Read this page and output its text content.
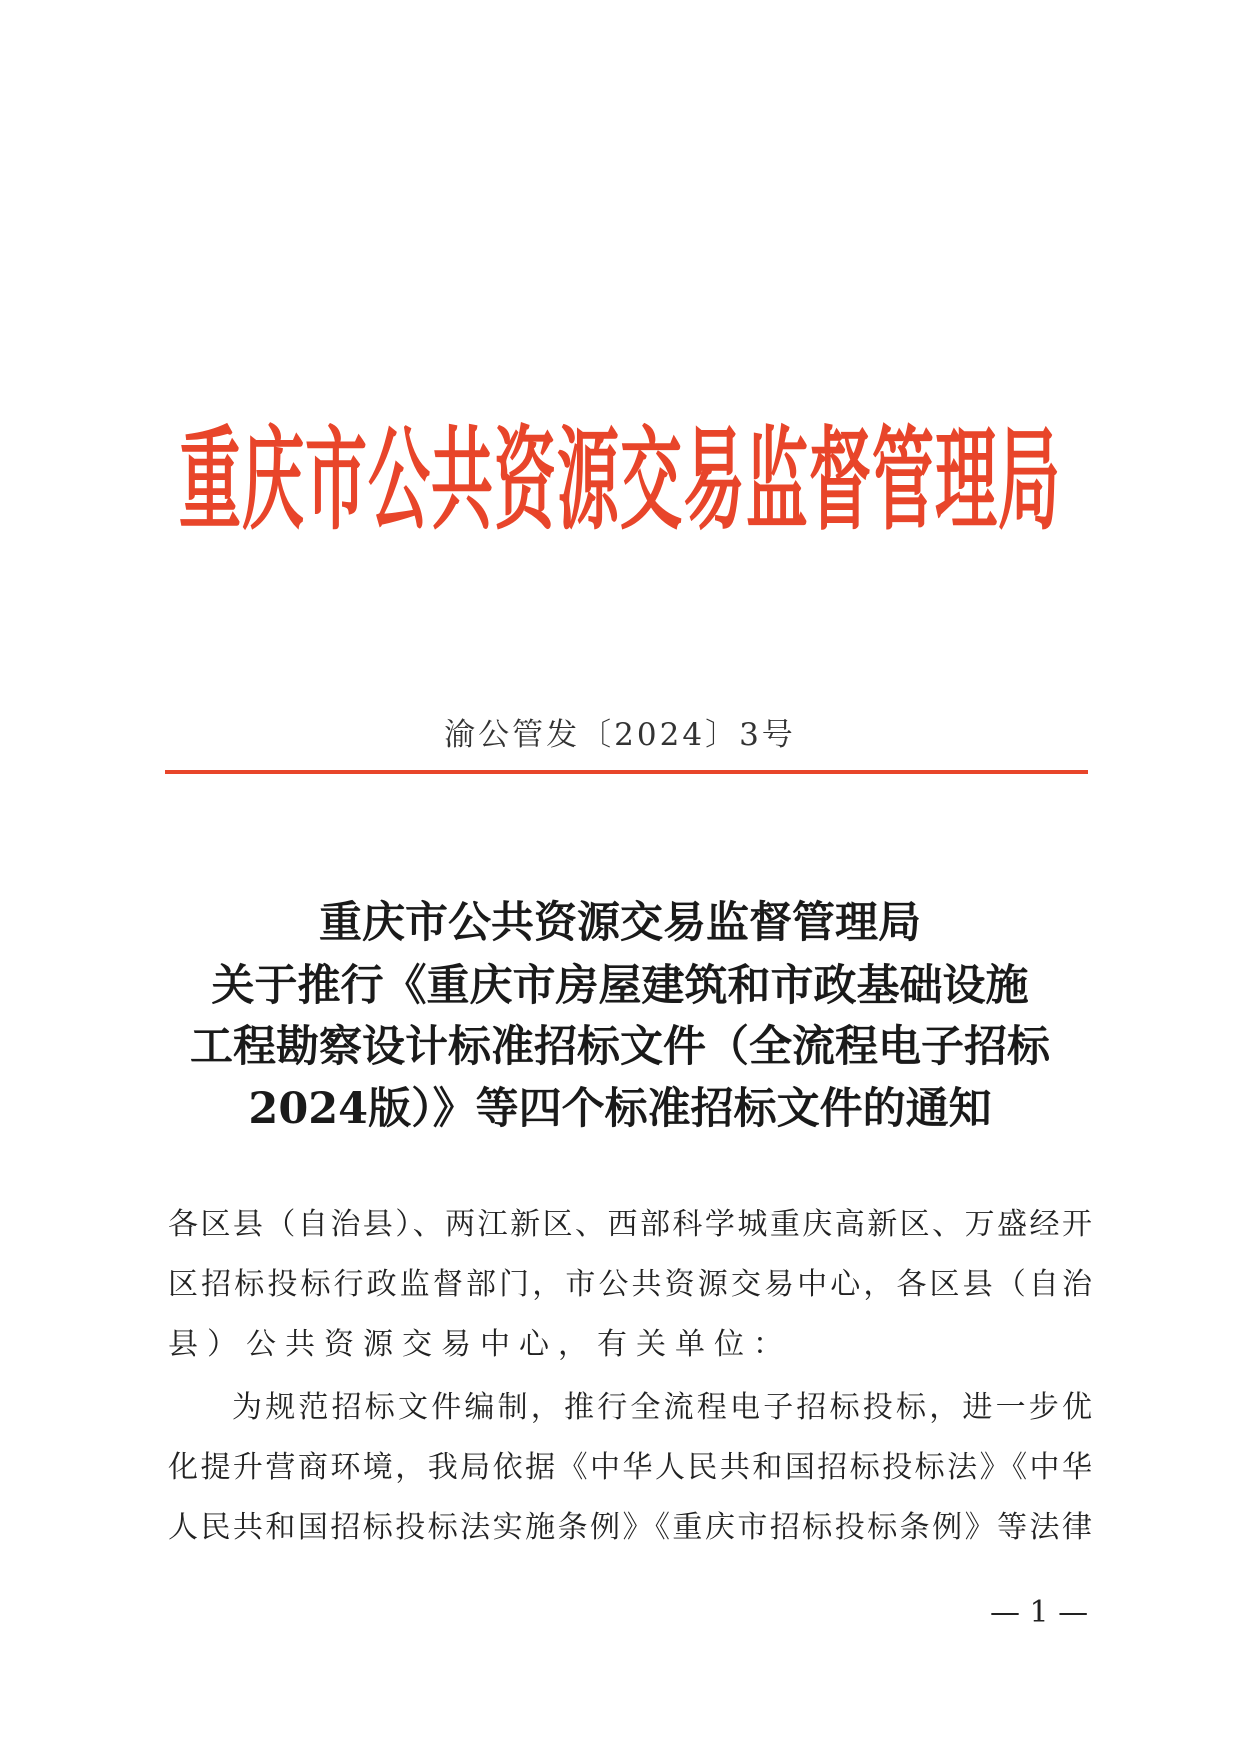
重庆市公共资源交易监督管理局
渝公管发〔2024〕3号
重庆市公共资源交易监督管理局
关于推行《重庆市房屋建筑和市政基础设施
工程勘察设计标准招标文件（全流程电子招标
2024版）》等四个标准招标文件的通知
各区县（自治县）、两江新区、西部科学城重庆高新区、万盛经开
区招标投标行政监督部门，市公共资源交易中心，各区县（自治
县）公共资源交易中心，有关单位：
为规范招标文件编制，推行全流程电子招标投标，进一步优
化提升营商环境，我局依据《中华人民共和国招标投标法》《中华
人民共和国招标投标法实施条例》《重庆市招标投标条例》等法律
— 1 —
